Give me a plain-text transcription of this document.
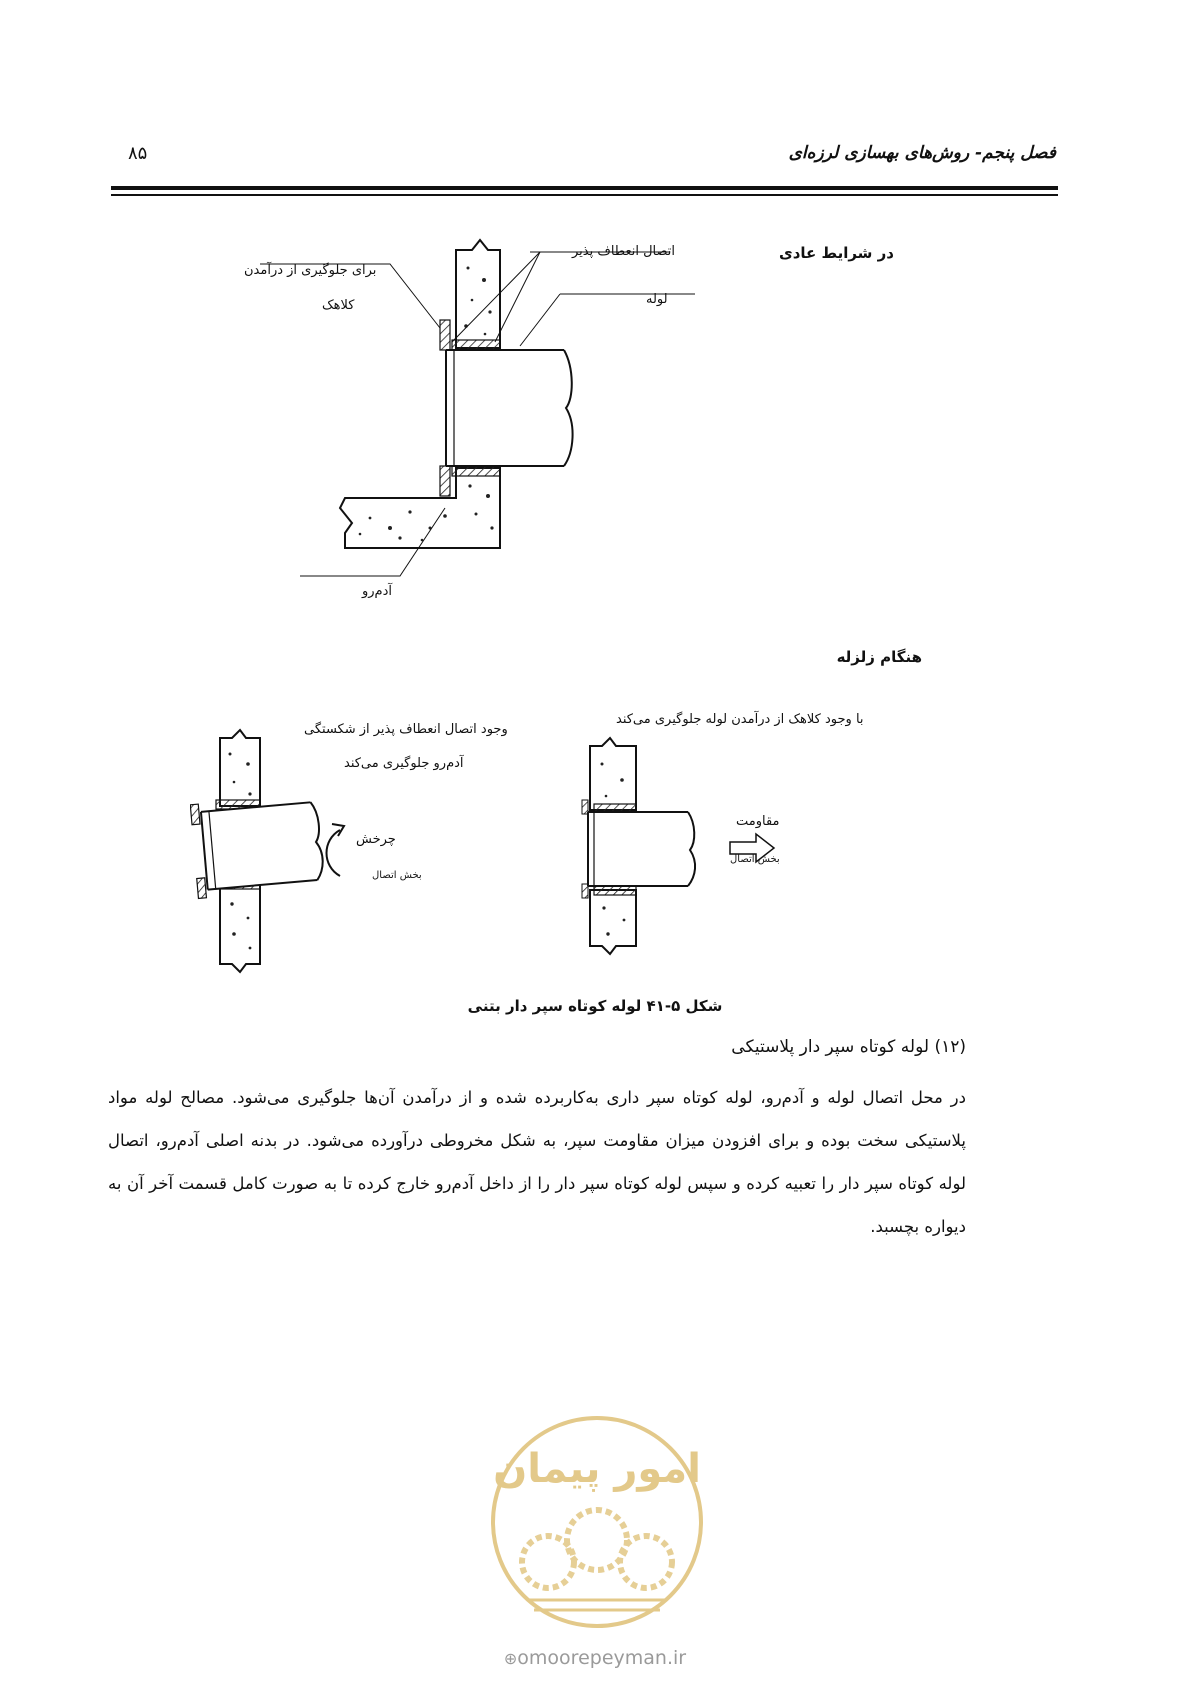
۸۵	فصل پنجم- روش‌های بهسازی لرزه‌ای
در شرایط عادی
اتصال انعطاف پذیر
برای جلوگیری از درآمدن
کلاهک	لوله
آدم‌رو
هنگام زلزله
وجود اتصال انعطاف پذیر از شکستگی
آدم‌رو جلوگیری می‌کند
چرخش
بخش اتصال
با وجود کلاهک از درآمدن لوله جلوگیری می‌کند
مقاومت
بخش اتصال
شکل ۵-۴۱ لوله کوتاه سپر دار بتنی
(۱۲) لوله کوتاه سپر دار پلاستیکی
در محل اتصال لوله و آدم‌رو، لوله کوتاه سپر داری به‌کاربرده شده و از درآمدن آن‌ها جلوگیری می‌شود. مصالح لوله مواد پلاستیکی سخت بوده و برای افزودن میزان مقاومت سپر، به شکل مخروطی درآورده می‌شود. در بدنه اصلی آدم‌رو، اتصال لوله کوتاه سپر دار را تعبیه کرده و سپس لوله کوتاه سپر دار را از داخل آدم‌رو خارج کرده تا به صورت کامل قسمت آخر آن به دیواره بچسبد.
امور پیمان
⊕omoorepeyman.ir
